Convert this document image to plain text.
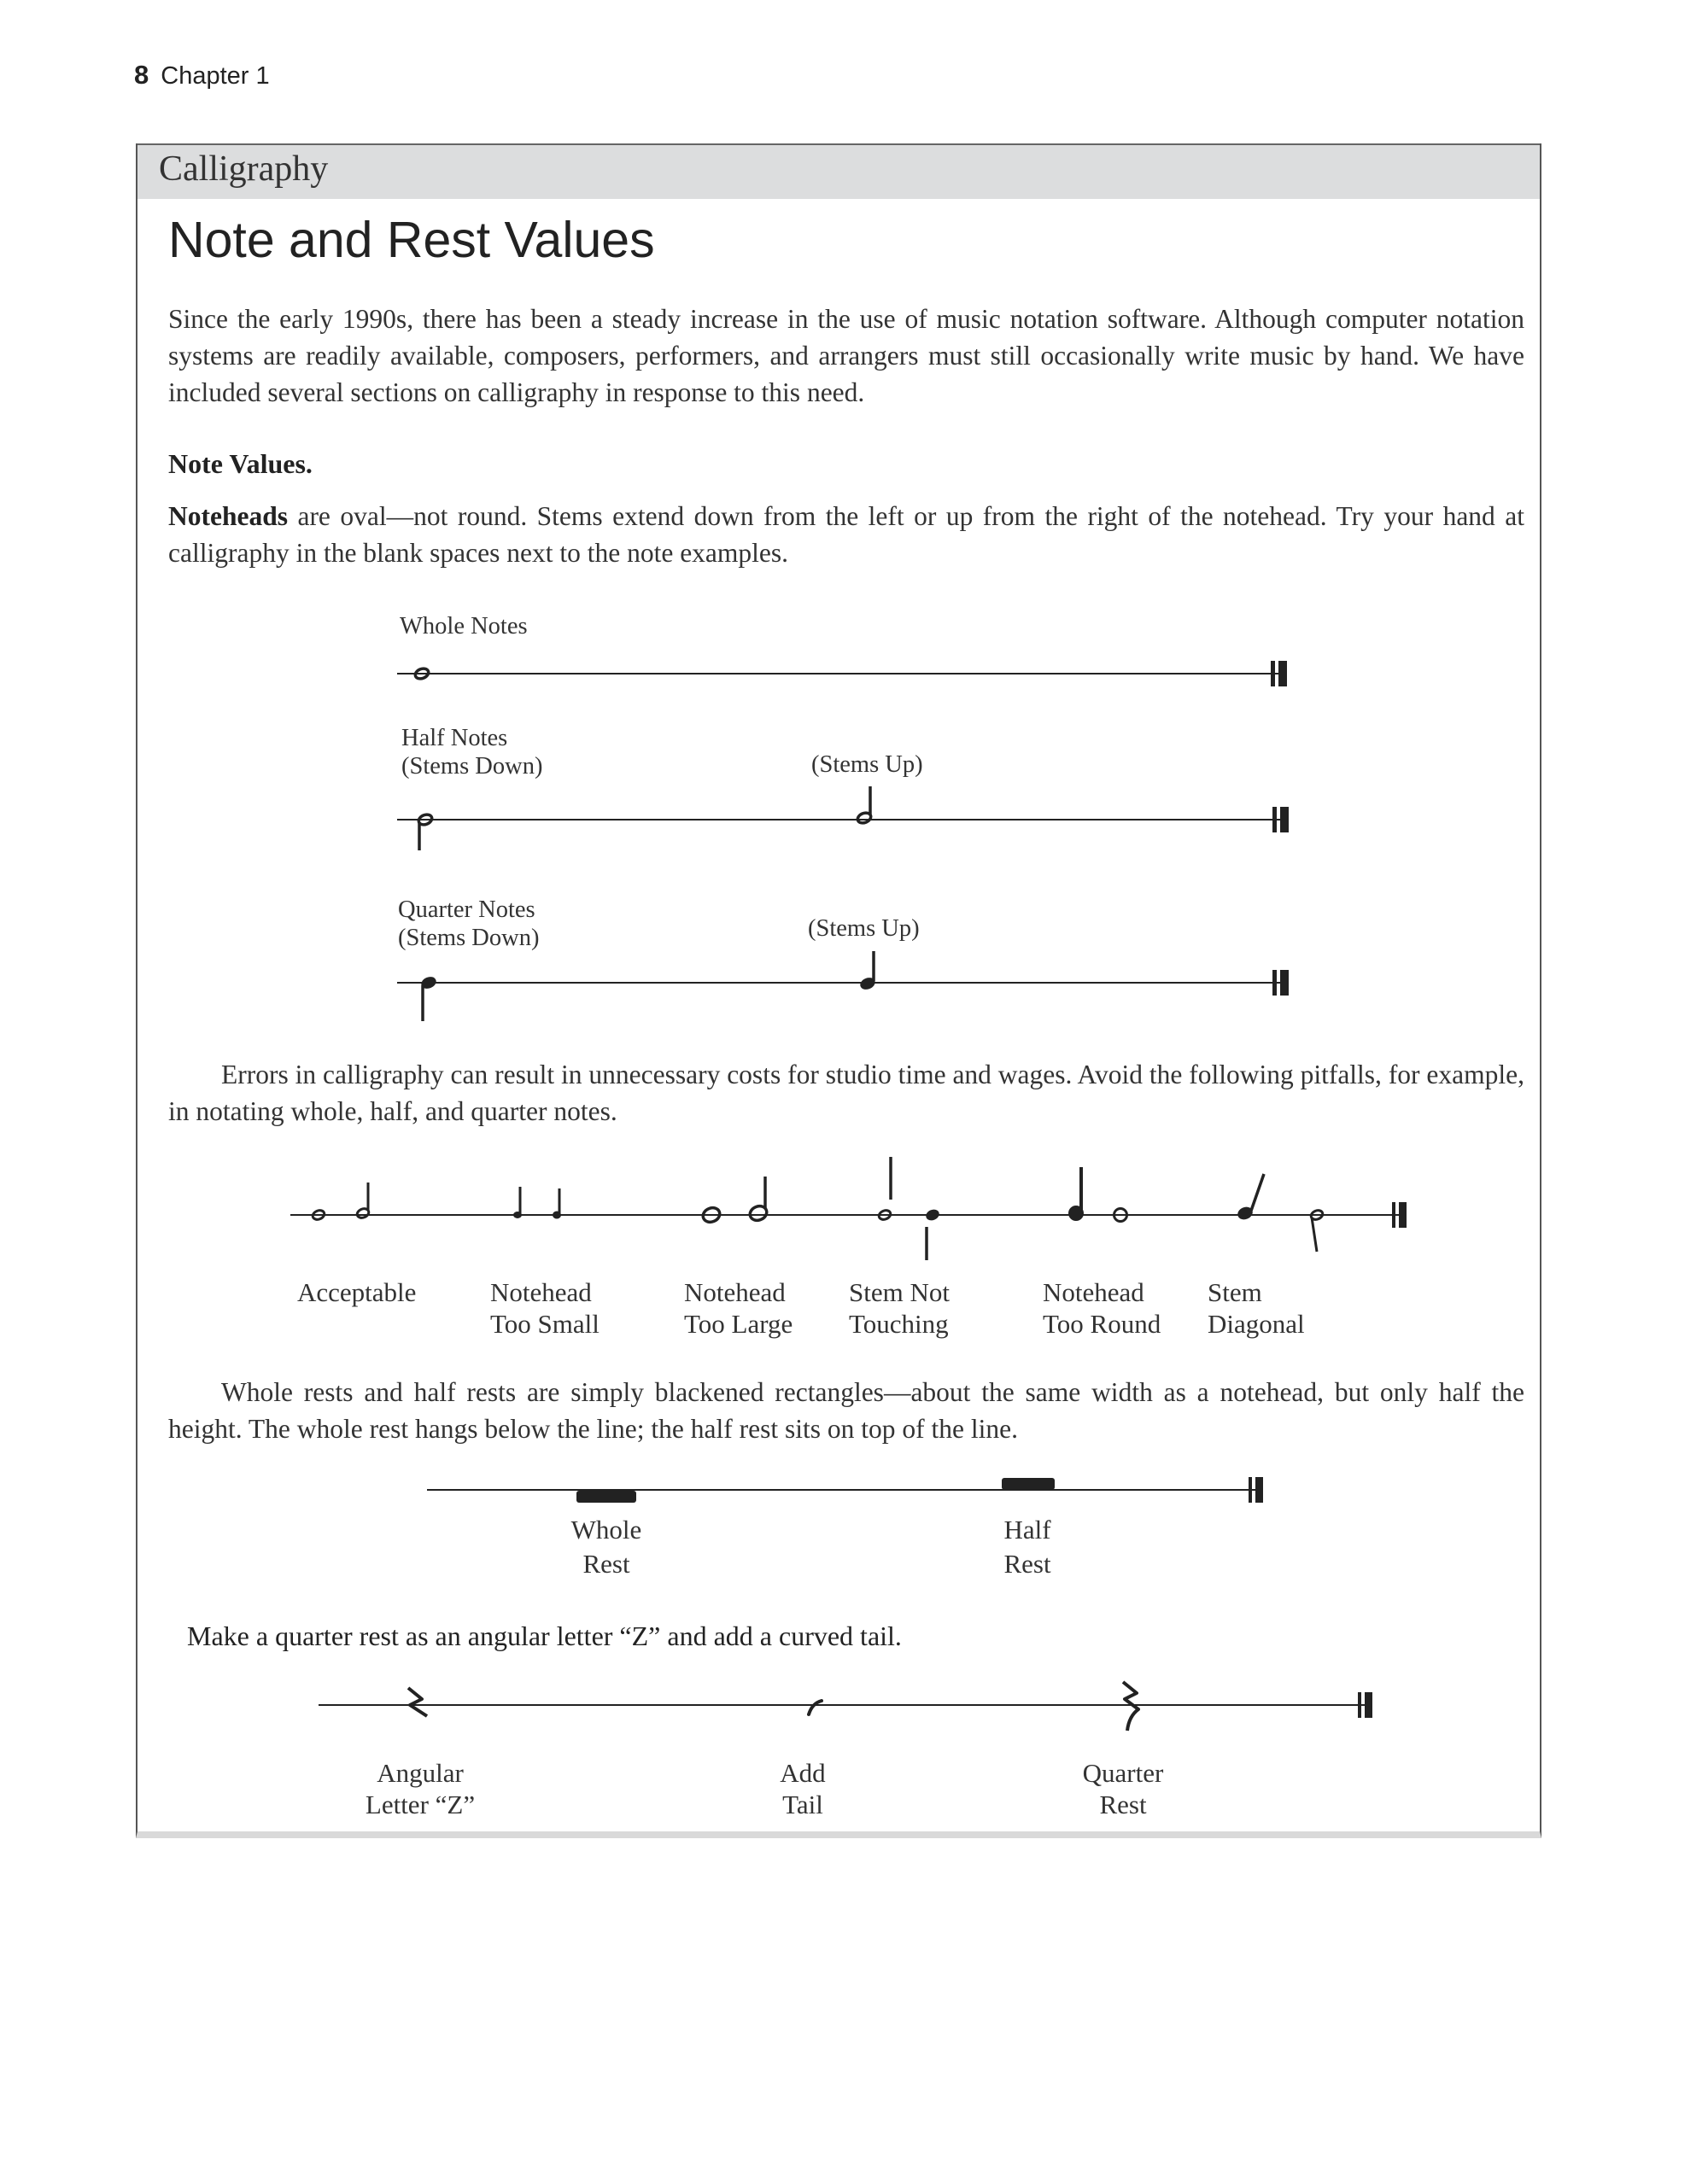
8 Chapter 1
Calligraphy
Note and Rest Values
Since the early 1990s, there has been a steady increase in the use of music notation software. Although computer notation systems are readily available, composers, performers, and arrangers must still occasionally write music by hand. We have included several sections on calligraphy in response to this need.
Note Values.
Noteheads are oval—not round. Stems extend down from the left or up from the right of the notehead. Try your hand at calligraphy in the blank spaces next to the note examples.
Whole Notes
Half Notes
(Stems Down)	(Stems Up)
Quarter Notes
(Stems Down)	(Stems Up)
Errors in calligraphy can result in unnecessary costs for studio time and wages. Avoid the following pitfalls, for example, in notating whole, half, and quarter notes.
Acceptable	Notehead
Too Small
Notehead
Too Large
Stem Not
Touching
Notehead
Too Round
Stem
Diagonal
Whole rests and half rests are simply blackened rectangles—about the same width as a notehead, but only half the height. The whole rest hangs below the line; the half rest sits on top of the line.
Whole
Rest
Half
Rest
Make a quarter rest as an angular letter “Z” and add a curved tail.
Angular
Letter “Z”
Add
Tail
Quarter
Rest
